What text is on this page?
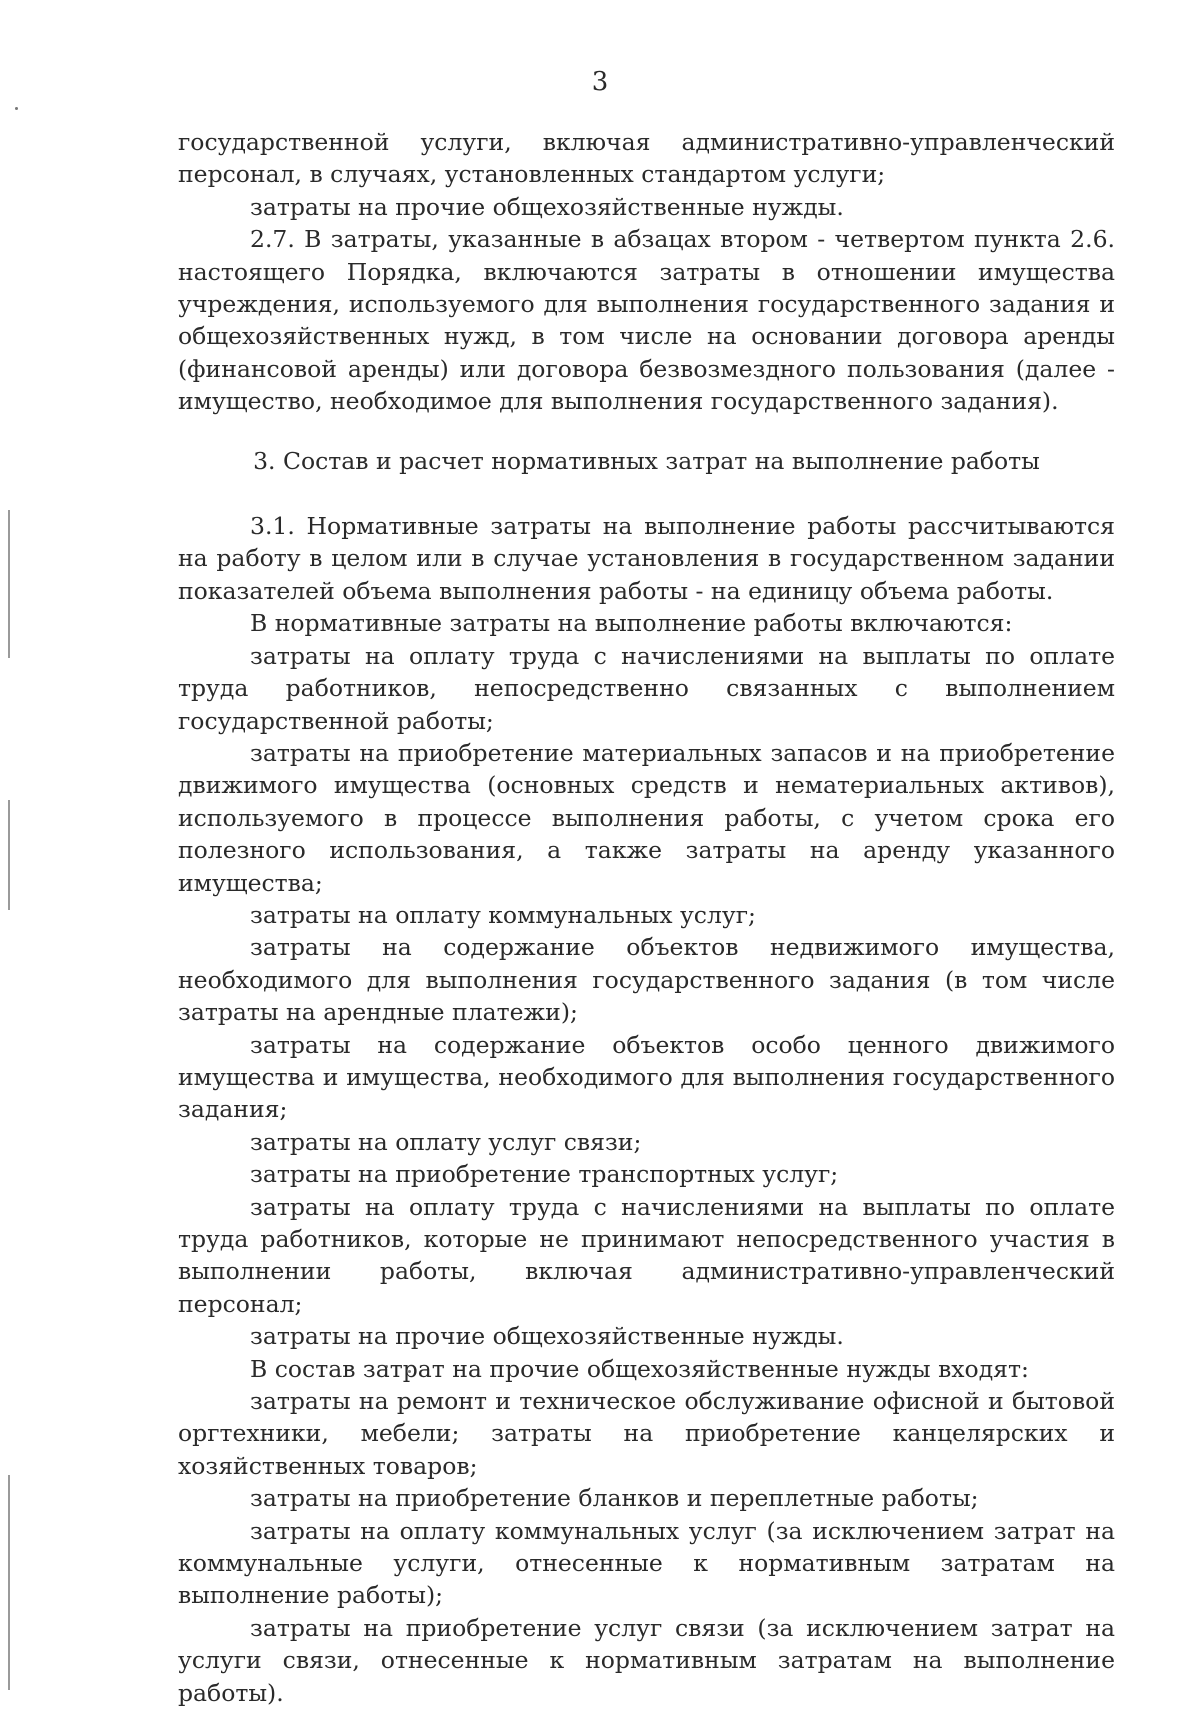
3

государственной услуги, включая административно-управленческий персонал, в случаях, установленных стандартом услуги;

затраты на прочие общехозяйственные нужды.

2.7. В затраты, указанные в абзацах втором - четвертом пункта 2.6. настоящего Порядка, включаются затраты в отношении имущества учреждения, используемого для выполнения государственного задания и общехозяйственных нужд, в том числе на основании договора аренды (финансовой аренды) или договора безвозмездного пользования (далее - имущество, необходимое для выполнения государственного задания).

3. Состав и расчет нормативных затрат на выполнение работы

3.1. Нормативные затраты на выполнение работы рассчитываются на работу в целом или в случае установления в государственном задании показателей объема выполнения работы - на единицу объема работы.

В нормативные затраты на выполнение работы включаются:

затраты на оплату труда с начислениями на выплаты по оплате труда работников, непосредственно связанных с выполнением государственной работы;

затраты на приобретение материальных запасов и на приобретение движимого имущества (основных средств и нематериальных активов), используемого в процессе выполнения работы, с учетом срока его полезного использования, а также затраты на аренду указанного имущества;

затраты на оплату коммунальных услуг;

затраты на содержание объектов недвижимого имущества, необходимого для выполнения государственного задания (в том числе затраты на арендные платежи);

затраты на содержание объектов особо ценного движимого имущества и имущества, необходимого для выполнения государственного задания;

затраты на оплату услуг связи;

затраты на приобретение транспортных услуг;

затраты на оплату труда с начислениями на выплаты по оплате труда работников, которые не принимают непосредственного участия в выполнении работы, включая административно-управленческий персонал;

затраты на прочие общехозяйственные нужды.

В состав затрат на прочие общехозяйственные нужды входят:

затраты на ремонт и техническое обслуживание офисной и бытовой оргтехники, мебели; затраты на приобретение канцелярских и хозяйственных товаров;

затраты на приобретение бланков и переплетные работы;

затраты на оплату коммунальных услуг (за исключением затрат на коммунальные услуги, отнесенные к нормативным затратам на выполнение работы);

затраты на приобретение услуг связи (за исключением затрат на услуги связи, отнесенные к нормативным затратам на выполнение работы).
